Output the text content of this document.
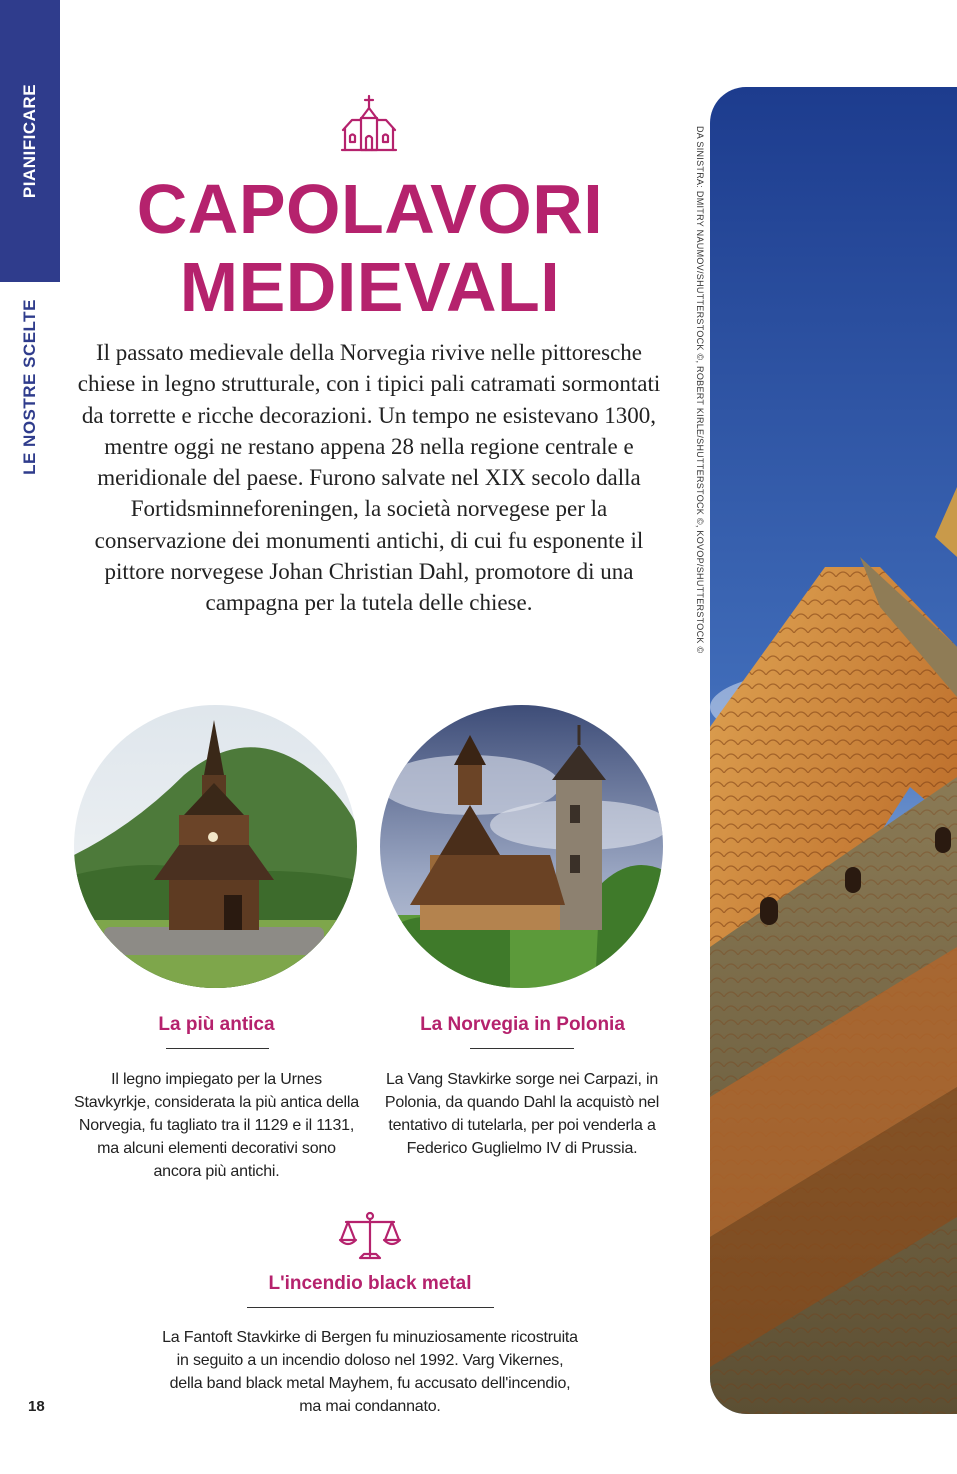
PIANIFICARE
LE NOSTRE SCELTE
CAPOLAVORI
MEDIEVALI

Il passato medievale della Norvegia rivive nelle pittoresche chiese in legno strutturale, con i tipici pali catramati sormontati da torrette e ricche decorazioni. Un tempo ne esistevano 1300, mentre oggi ne restano appena 28 nella regione centrale e meridionale del paese. Furono salvate nel XIX secolo dalla Fortidsminneforeningen, la società norvegese per la conservazione dei monumenti antichi, di cui fu esponente il pittore norvegese Johan Christian Dahl, promotore di una campagna per la tutela delle chiese.

La più antica

Il legno impiegato per la Urnes Stavkyrkje, considerata la più antica della Norvegia, fu tagliato tra il 1129 e il 1131, ma alcuni elementi decorativi sono ancora più antichi.

La Norvegia in Polonia

La Vang Stavkirke sorge nei Carpazi, in Polonia, da quando Dahl la acquistò nel tentativo di tutelarla, per poi venderla a Federico Guglielmo IV di Prussia.

L'incendio black metal

La Fantoft Stavkirke di Bergen fu minuziosamente ricostruita in seguito a un incendio doloso nel 1992. Varg Vikernes, della band black metal Mayhem, fu accusato dell'incendio, ma mai condannato.

18
DA SINISTRA: DMITRY NAUMOV/SHUTTERSTOCK ©, ROBERT KIRLE/SHUTTERSTOCK ©, KOVOP/SHUTTERSTOCK ©
